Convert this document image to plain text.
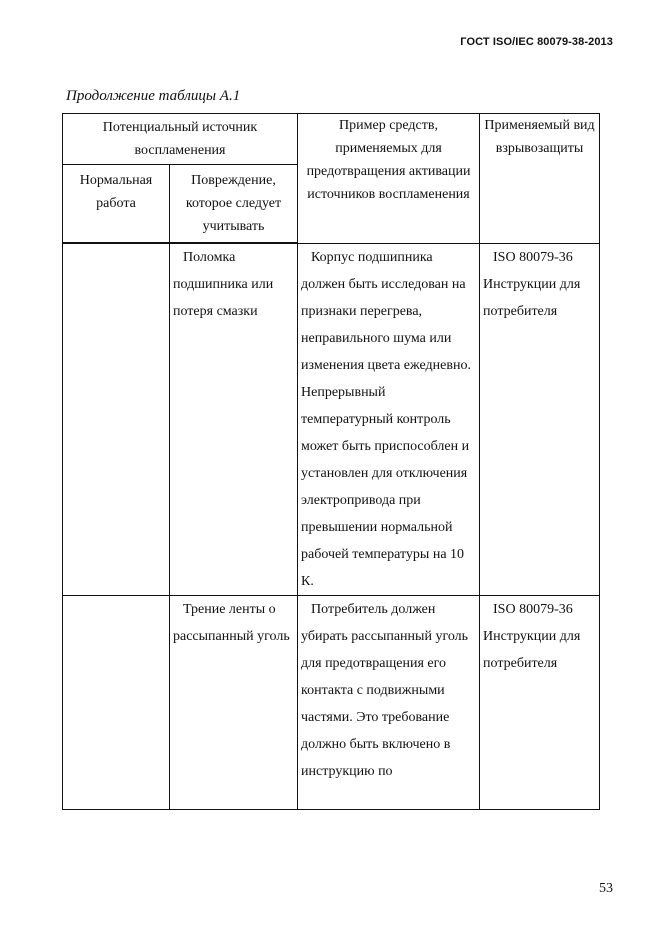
ГОСТ ISO/IEC 80079-38-2013
Продолжение таблицы А.1
Потенциальный источник воспламенения		Пример средств, применяемых для предотвращения активации источников воспламенения	Применяемый вид взрывозащиты
Нормальная работа	Повреждение, которое следует учитывать		
	Поломка подшипника или потеря смазки	Корпус подшипника должен быть исследован на признаки перегрева, неправильного шума или изменения цвета ежедневно. Непрерывный температурный контроль может быть приспособлен и установлен для отключения электропривода при превышении нормальной рабочей температуры на 10 К.	ISO 80079-36
Инструкции для потребителя

	Трение ленты о рассыпанный уголь	Потребитель должен убирать рассыпанный уголь для предотвращения его контакта с подвижными частями. Это требование должно быть включено в инструкцию по	ISO 80079-36
Инструкции для потребителя
53
